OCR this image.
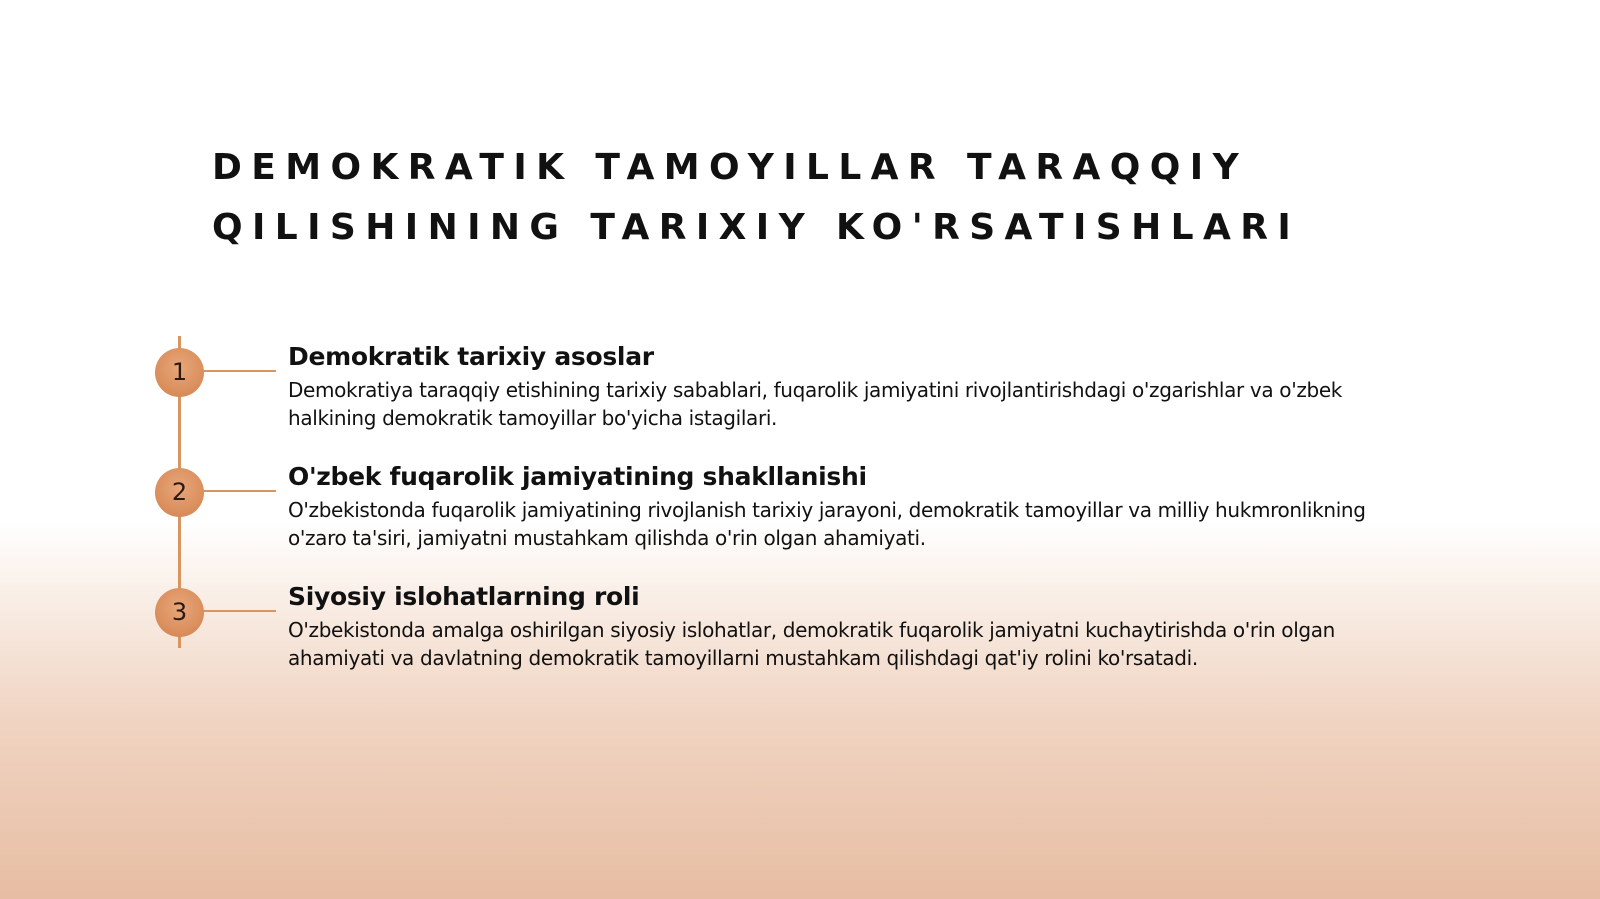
DEMOKRATIK TAMOYILLAR TARAQQIY
QILISHINING TARIXIY KO'RSATISHLARI
1
Demokratik tarixiy asoslar
Demokratiya taraqqiy etishining tarixiy sabablari, fuqarolik jamiyatini rivojlantirishdagi o'zgarishlar va o'zbek halkining demokratik tamoyillar bo'yicha istagilari.
2
O'zbek fuqarolik jamiyatining shakllanishi
O'zbekistonda fuqarolik jamiyatining rivojlanish tarixiy jarayoni, demokratik tamoyillar va milliy hukmronlikning o'zaro ta'siri, jamiyatni mustahkam qilishda o'rin olgan ahamiyati.
3
Siyosiy islohatlarning roli
O'zbekistonda amalga oshirilgan siyosiy islohatlar, demokratik fuqarolik jamiyatni kuchaytirishda o'rin olgan ahamiyati va davlatning demokratik tamoyillarni mustahkam qilishdagi qat'iy rolini ko'rsatadi.
